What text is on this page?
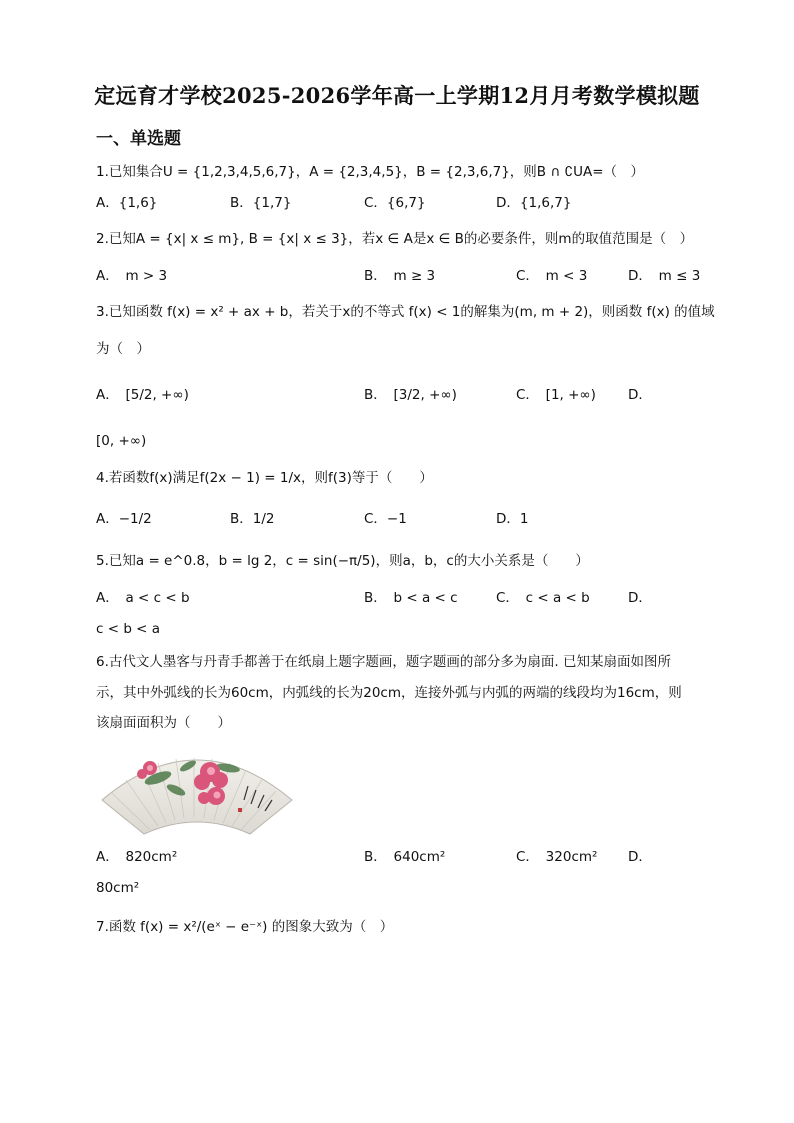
定远育才学校2025-2026学年高一上学期12月月考数学模拟题
一、单选题
1.已知集合U = {1,2,3,4,5,6,7}，A = {2,3,4,5}，B = {2,3,6,7}，则B ∩ ∁UA=（　）
A．{1,6}	B．{1,7}	C．{6,7}	D．{1,6,7}
2.已知A = {x| x ≤ m}, B = {x| x ≤ 3}，若x ∈ A是x ∈ B的必要条件，则m的取值范围是（　）
A．　m > 3	B．　m ≥ 3	C．　m < 3	D．　m ≤ 3
3.已知函数 f(x) = x² + ax + b，若关于x的不等式 f(x) < 1的解集为(m, m + 2)，则函数 f(x) 的值域
为（　）
A．　[5/2, +∞)	B．　[3/2, +∞)	C．　[1, +∞) D．
[0, +∞)
4.若函数f(x)满足f(2x − 1) = 1/x，则f(3)等于（　　）
A．−1/2	B．1/2	C．−1	D．1
5.已知a = e^0.8，b = lg 2，c = sin(−π/5)，则a，b，c的大小关系是（　　）
A．　a < c < b	B．　b < a < c	C．　c < a < b	D．
c < b < a
6.古代文人墨客与丹青手都善于在纸扇上题字题画，题字题画的部分多为扇面. 已知某扇面如图所
示，其中外弧线的长为60cm，内弧线的长为20cm，连接外弧与内弧的两端的线段均为16cm，则
该扇面面积为（　　）
A．　820cm²	B．　640cm²	C．　320cm² D．
80cm²
7.函数 f(x) = x²/(eˣ − e⁻ˣ) 的图象大致为（　）
